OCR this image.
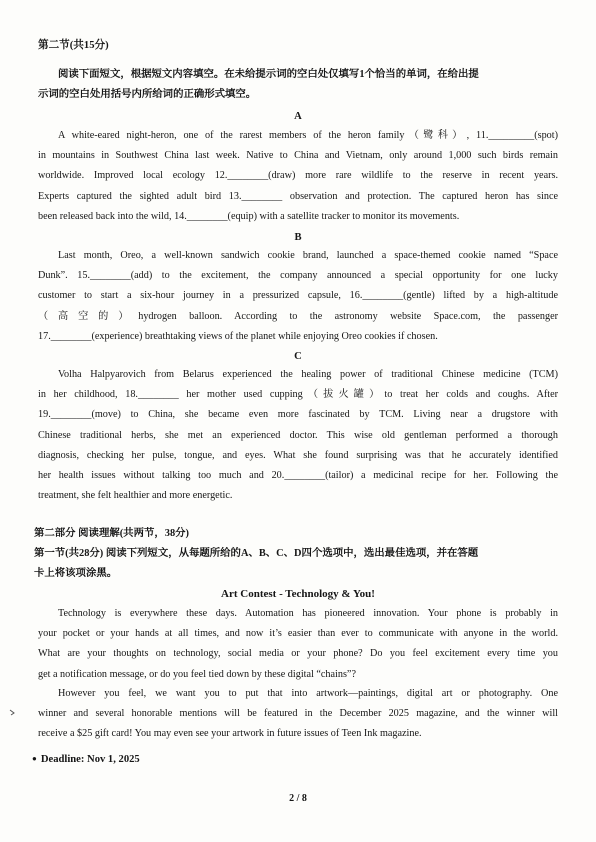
第二节(共15分)
阅读下面短文，根据短文内容填空。在未给提示词的空白处仅填写1个恰当的单词，在给出提
示词的空白处用括号内所给词的正确形式填空。
A
A white-eared night-heron, one of the rarest members of the heron family（鹭科）, 11._________(spot)
in mountains in Southwest China last week. Native to China and Vietnam, only around 1,000 such birds remain
worldwide. Improved local ecology 12.________(draw) more rare wildlife to the reserve in recent years.
Experts captured the sighted adult bird 13.________ observation and protection. The captured heron has since
been released back into the wild, 14.________(equip) with a satellite tracker to monitor its movements.
B
Last month, Oreo, a well-known sandwich cookie brand, launched a space-themed cookie named “Space
Dunk”. 15.________(add) to the excitement, the company announced a special opportunity for one lucky
customer to start a six-hour journey in a pressurized capsule, 16.________(gentle) lifted by a high-altitude
（高空的）hydrogen balloon. According to the astronomy website Space.com, the passenger
17.________(experience) breathtaking views of the planet while enjoying Oreo cookies if chosen.
C
Volha Halpyarovich from Belarus experienced the healing power of traditional Chinese medicine (TCM)
in her childhood, 18.________ her mother used cupping（拔火罐）to treat her colds and coughs. After
19.________(move) to China, she became even more fascinated by TCM. Living near a drugstore with
Chinese traditional herbs, she met an experienced doctor. This wise old gentleman performed a thorough
diagnosis, checking her pulse, tongue, and eyes. What she found surprising was that he accurately identified
her health issues without talking too much and 20.________(tailor) a medicinal recipe for her. Following the
treatment, she felt healthier and more energetic.
第二部分 阅读理解(共两节，38分)
第一节(共28分) 阅读下列短文，从每题所给的A、B、C、D四个选项中，选出最佳选项，并在答题
卡上将该项涂黑。
Art Contest - Technology & You!
Technology is everywhere these days. Automation has pioneered innovation. Your phone is probably in
your pocket or your hands at all times, and now it’s easier than ever to communicate with anyone in the world.
What are your thoughts on technology, social media or your phone? Do you feel excitement every time you
get a notification message, or do you feel tied down by these digital “chains”?
However you feel, we want you to put that into artwork—paintings, digital art or photography. One
winner and several honorable mentions will be featured in the December 2025 magazine, and the winner will
receive a $25 gift card! You may even see your artwork in future issues of Teen Ink magazine.
● Deadline: Nov 1, 2025
2 / 8
